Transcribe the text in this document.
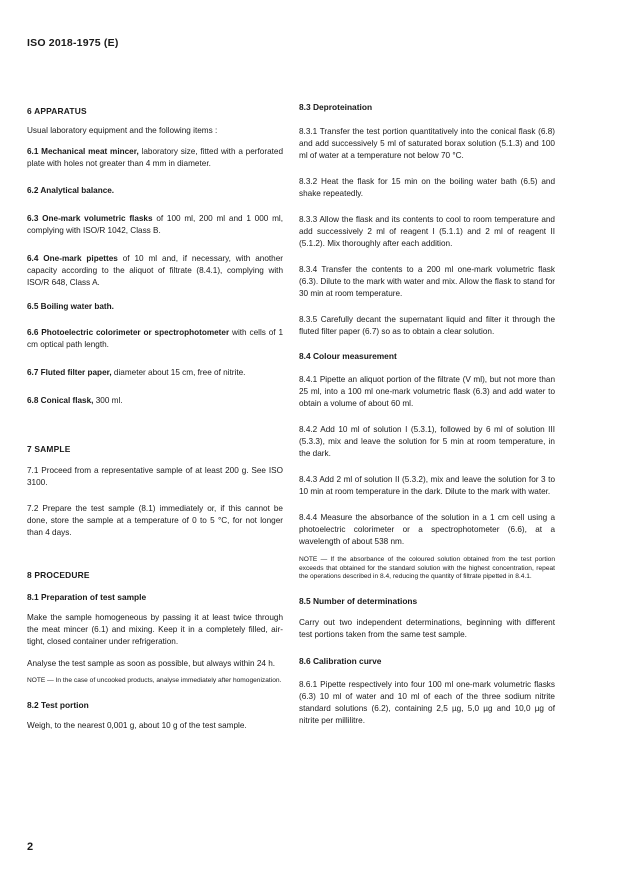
ISO 2018-1975 (E)
6 APPARATUS

Usual laboratory equipment and the following items :

6.1 Mechanical meat mincer, laboratory size, fitted with a perforated plate with holes not greater than 4 mm in diameter.

6.2 Analytical balance.

6.3 One-mark volumetric flasks of 100 ml, 200 ml and 1 000 ml, complying with ISO/R 1042, Class B.

6.4 One-mark pipettes of 10 ml and, if necessary, with another capacity according to the aliquot of filtrate (8.4.1), complying with ISO/R 648, Class A.

6.5 Boiling water bath.

6.6 Photoelectric colorimeter or spectrophotometer with cells of 1 cm optical path length.

6.7 Fluted filter paper, diameter about 15 cm, free of nitrite.

6.8 Conical flask, 300 ml.

7 SAMPLE

7.1 Proceed from a representative sample of at least 200 g. See ISO 3100.

7.2 Prepare the test sample (8.1) immediately or, if this cannot be done, store the sample at a temperature of 0 to 5 °C, for not longer than 4 days.

8 PROCEDURE
8.1 Preparation of test sample

Make the sample homogeneous by passing it at least twice through the meat mincer (6.1) and mixing. Keep it in a completely filled, air-tight, closed container under refrigeration.

Analyse the test sample as soon as possible, but always within 24 h.

NOTE — In the case of uncooked products, analyse immediately after homogenization.

8.2 Test portion

Weigh, to the nearest 0,001 g, about 10 g of the test sample.

8.3 Deproteination

8.3.1 Transfer the test portion quantitatively into the conical flask (6.8) and add successively 5 ml of saturated borax solution (5.1.3) and 100 ml of water at a temperature not below 70 °C.

8.3.2 Heat the flask for 15 min on the boiling water bath (6.5) and shake repeatedly.

8.3.3 Allow the flask and its contents to cool to room temperature and add successively 2 ml of reagent I (5.1.1) and 2 ml of reagent II (5.1.2). Mix thoroughly after each addition.

8.3.4 Transfer the contents to a 200 ml one-mark volumetric flask (6.3). Dilute to the mark with water and mix. Allow the flask to stand for 30 min at room temperature.

8.3.5 Carefully decant the supernatant liquid and filter it through the fluted filter paper (6.7) so as to obtain a clear solution.

8.4 Colour measurement

8.4.1 Pipette an aliquot portion of the filtrate (V ml), but not more than 25 ml, into a 100 ml one-mark volumetric flask (6.3) and add water to obtain a volume of about 60 ml.

8.4.2 Add 10 ml of solution I (5.3.1), followed by 6 ml of solution III (5.3.3), mix and leave the solution for 5 min at room temperature, in the dark.

8.4.3 Add 2 ml of solution II (5.3.2), mix and leave the solution for 3 to 10 min at room temperature in the dark. Dilute to the mark with water.

8.4.4 Measure the absorbance of the solution in a 1 cm cell using a photoelectric colorimeter or a spectrophotometer (6.6), at a wavelength of about 538 nm.

NOTE — If the absorbance of the coloured solution obtained from the test portion exceeds that obtained for the standard solution with the highest concentration, repeat the operations described in 8.4, reducing the quantity of filtrate pipetted in 8.4.1.

8.5 Number of determinations

Carry out two independent determinations, beginning with different test portions taken from the same test sample.

8.6 Calibration curve

8.6.1 Pipette respectively into four 100 ml one-mark volumetric flasks (6.3) 10 ml of water and 10 ml of each of the three sodium nitrite standard solutions (6.2), containing 2,5 µg, 5,0 µg and 10,0 µg of nitrite per millilitre.

2
